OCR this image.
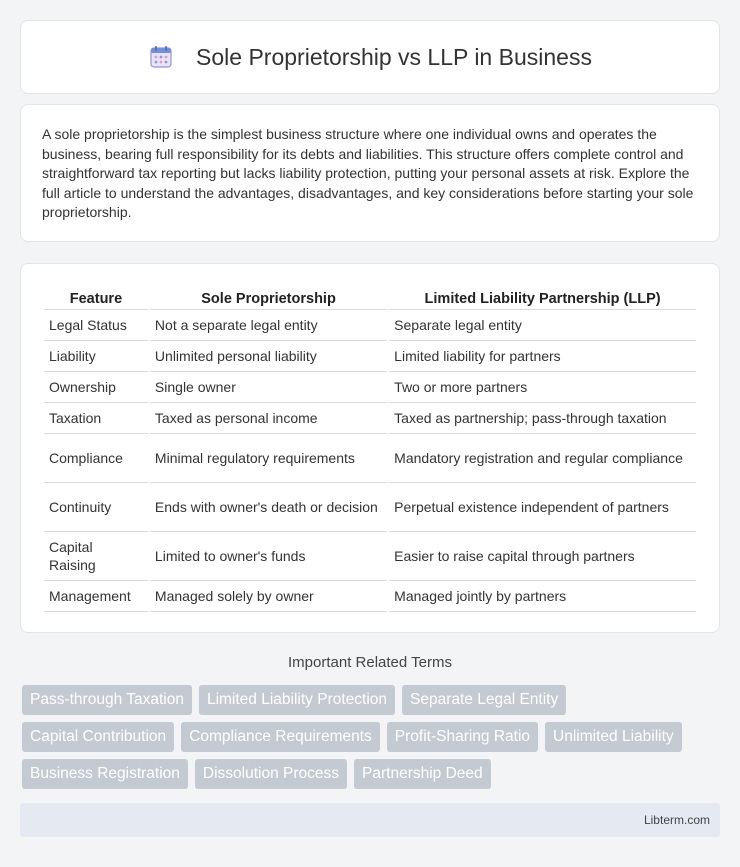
Sole Proprietorship vs LLP in Business

A sole proprietorship is the simplest business structure where one individual owns and operates the business, bearing full responsibility for its debts and liabilities. This structure offers complete control and straightforward tax reporting but lacks liability protection, putting your personal assets at risk. Explore the full article to understand the advantages, disadvantages, and key considerations before starting your sole proprietorship.

Feature	Sole Proprietorship	Limited Liability Partnership (LLP)
Legal Status	Not a separate legal entity	Separate legal entity
Liability	Unlimited personal liability	Limited liability for partners
Ownership	Single owner	Two or more partners
Taxation	Taxed as personal income	Taxed as partnership; pass-through taxation
Compliance	Minimal regulatory requirements	Mandatory registration and regular compliance
Continuity	Ends with owner's death or decision	Perpetual existence independent of partners
Capital Raising	Limited to owner's funds	Easier to raise capital through partners
Management	Managed solely by owner	Managed jointly by partners
Important Related Terms
Pass-through Taxation	Limited Liability Protection	Separate Legal Entity
Capital Contribution	Compliance Requirements	Profit-Sharing Ratio	Unlimited Liability
Business Registration	Dissolution Process	Partnership Deed
Libterm.com
